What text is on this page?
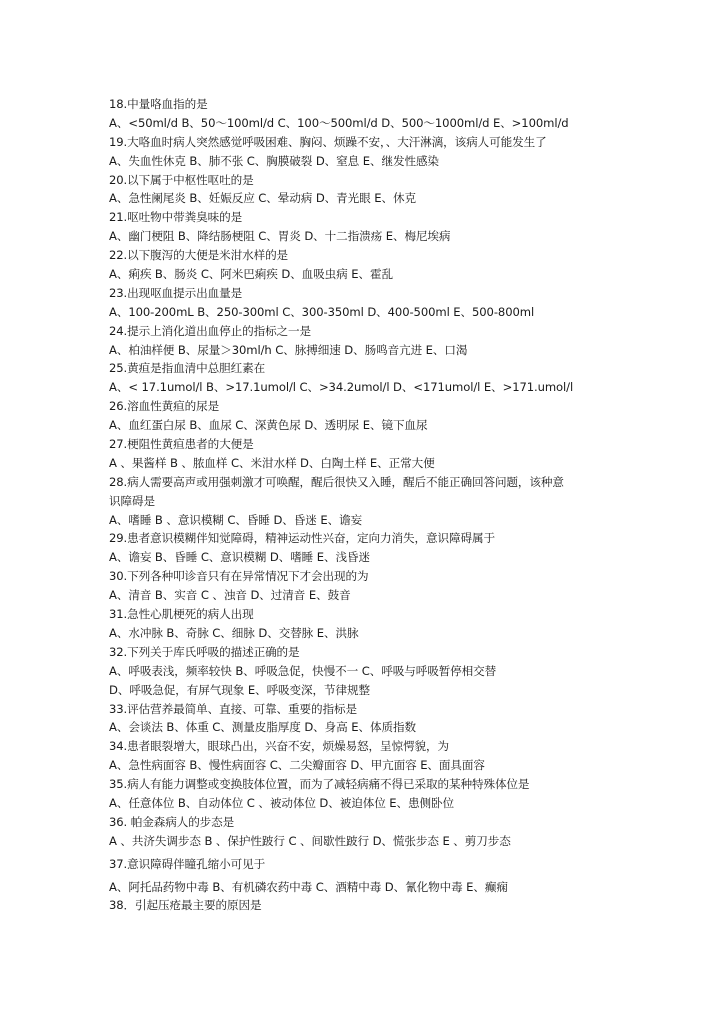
18.中量咯血指的是
A、<50ml/d B、50～100ml/d C、100～500ml/d D、500～1000ml/d E、>100ml/d
19.大咯血时病人突然感觉呼吸困难、胸闷、烦躁不安，、大汗淋漓，该病人可能发生了
A、失血性休克 B、肺不张 C、胸膜破裂 D、窒息 E、继发性感染
20.以下属于中枢性呕吐的是
A、急性阑尾炎 B、妊娠反应 C、晕动病 D、青光眼 E、休克
21.呕吐物中带粪臭味的是
A、幽门梗阻 B、降结肠梗阻 C、胃炎 D、十二指溃疡 E、梅尼埃病
22.以下腹泻的大便是米泔水样的是
A、痢疾 B、肠炎 C、阿米巴痢疾 D、血吸虫病 E、霍乱
23.出现呕血提示出血量是
A、100-200mL B、250-300ml C、300-350ml D、400-500ml E、500-800ml
24.提示上消化道出血停止的指标之一是
A、柏油样便 B、尿量＞30ml/h C、脉搏细速 D、肠鸣音亢进 E、口渴
25.黄疸是指血清中总胆红素在
A、< 17.1umol/l B、>17.1umol/l C、>34.2umol/l D、<171umol/l E、>171.umol/l
26.溶血性黄疸的尿是
A、血红蛋白尿 B、血尿 C、深黄色尿 D、透明尿 E、镜下血尿
27.梗阻性黄疸患者的大便是
A 、果酱样 B 、脓血样 C、米泔水样 D、白陶土样 E、正常大便
28.病人需要高声或用强刺激才可唤醒，醒后很快又入睡，醒后不能正确回答问题，该种意
识障碍是
A、嗜睡 B 、意识模糊 C、昏睡 D、昏迷 E、谵妄
29.患者意识模糊伴知觉障碍，精神运动性兴奋，定向力消失，意识障碍属于
A、谵妄 B、昏睡 C、意识模糊 D、嗜睡 E、浅昏迷
30.下列各种叩诊音只有在异常情况下才会出现的为
A、清音 B、实音 C 、浊音 D、过清音 E、鼓音
31.急性心肌梗死的病人出现
A、水冲脉 B、奇脉 C、细脉 D、交替脉 E、洪脉
32.下列关于库氏呼吸的描述正确的是
A、呼吸表浅，频率较快 B、呼吸急促，快慢不一 C、呼吸与呼吸暂停相交替
D、呼吸急促，有屏气现象 E、呼吸变深，节律规整
33.评估营养最简单、直接、可靠、重要的指标是
A、会谈法 B、体重 C、测量皮脂厚度 D、身高 E、体质指数
34.患者眼裂增大，眼球凸出，兴奋不安，烦燥易怒，呈惊愕貌，为
A、急性病面容 B、慢性病面容 C、二尖瓣面容 D、甲亢面容 E、面具面容
35.病人有能力调整或变换肢体位置，而为了减轻病痛不得已采取的某种特殊体位是
A、任意体位 B、自动体位 C 、被动体位 D、被迫体位 E、患侧卧位
36. 帕金森病人的步态是
A 、共济失调步态 B 、保护性跛行 C 、间歇性跛行 D、慌张步态 E 、剪刀步态
37.意识障碍伴瞳孔缩小可见于
A、阿托品药物中毒 B、有机磷农药中毒 C、酒精中毒 D、氰化物中毒 E、癫痫
38．引起压疮最主要的原因是
